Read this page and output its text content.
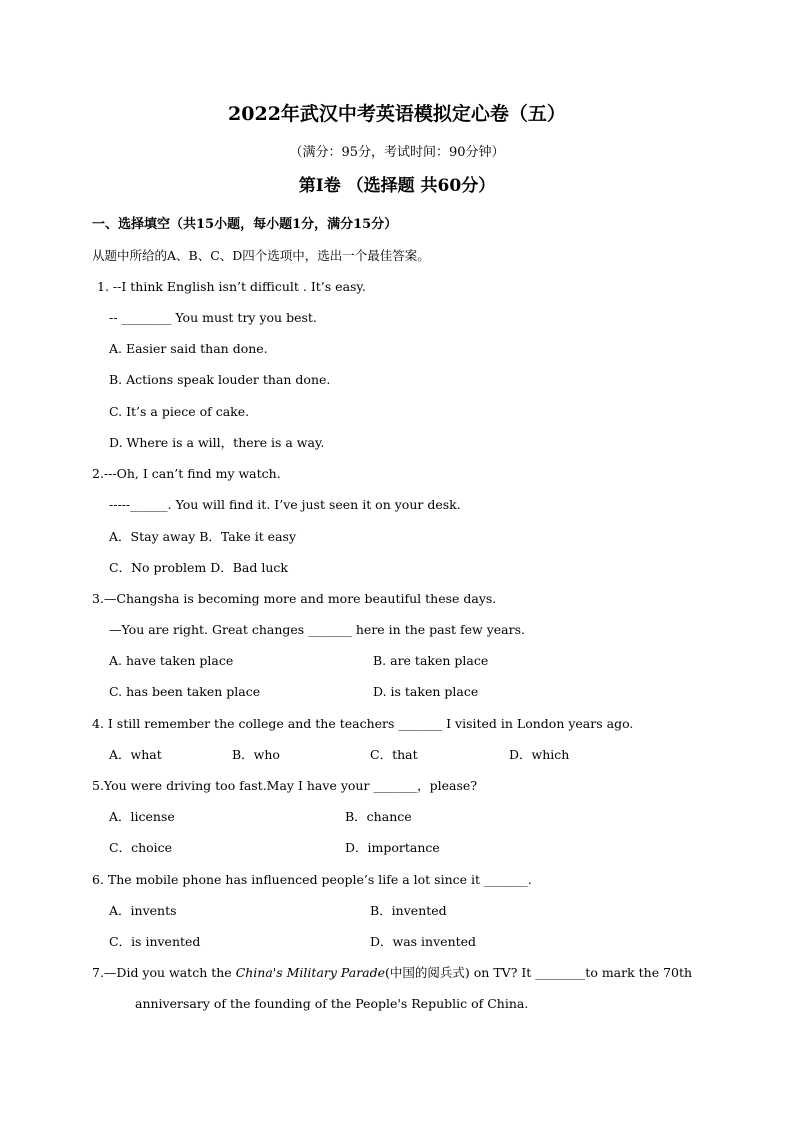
2022年武汉中考英语模拟定心卷（五）
（满分：95分，考试时间：90分钟）
第I卷 （选择题 共60分）
一、选择填空（共15小题，每小题1分，满分15分）
从题中所给的A、B、C、D四个选项中，选出一个最佳答案。
1. --I think English isn’t difficult . It’s easy.
-- ________ You must try you best.
A. Easier said than done.
B. Actions speak louder than done.
C. It’s a piece of cake.
D. Where is a will，there is a way.
2.---Oh, I can’t find my watch.
-----______. You will find it. I’ve just seen it on your desk.
A．Stay away B．Take it easy
C．No problem D．Bad luck
3.—Changsha is becoming more and more beautiful these days.
—You are right. Great changes _______ here in the past few years.
A. have taken place	B. are taken place
C. has been taken place	D. is taken place
4. I still remember the college and the teachers _______ I visited in London years ago.
A．what	B．who	C．that	D．which
5.You were driving too fast.May I have your _______，please?
A．license	B．chance
C．choice	D．importance
6. The mobile phone has influenced people’s life a lot since it _______.
A．invents	B．invented
C．is invented	D．was invented
7.—Did you watch the China's Military Parade(中国的阅兵式) on TV? It ________to mark the 70th
anniversary of the founding of the People's Republic of China.
